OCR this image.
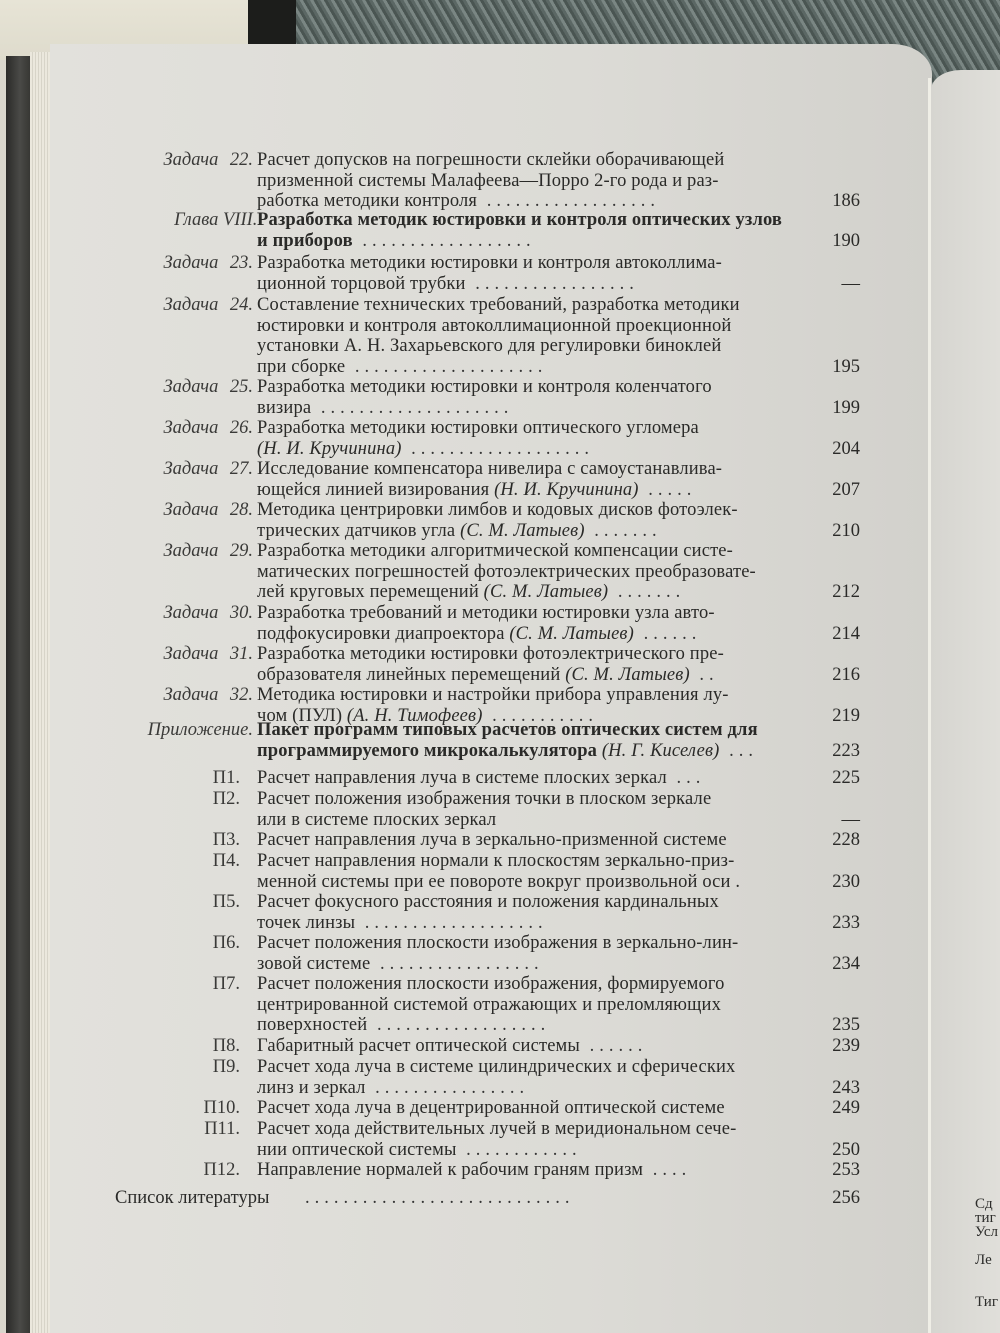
Сд
тиг
Усл
Ле
Тиг
Задача 22. Расчет допусков на погрешности склейки оборачивающей
призменной системы Малафеева—Порро 2-го рода и раз-
работка методики контроля ..................	186
Глава VIII. Разработка методик юстировки и контроля оптических узлов
и приборов ..................	190
Задача 23. Разработка методики юстировки и контроля автоколлима-
ционной торцовой трубки .................	—
Задача 24. Составление технических требований, разработка методики
юстировки и контроля автоколлимационной проекционной
установки А. Н. Захарьевского для регулировки биноклей
при сборке ....................	195
Задача 25. Разработка методики юстировки и контроля коленчатого
визира ....................	199
Задача 26. Разработка методики юстировки оптического угломера
(Н. И. Кручинина) ...................	204
Задача 27. Исследование компенсатора нивелира с самоустанавлива-
ющейся линией визирования (Н. И. Кручинина) .....	207
Задача 28. Методика центрировки лимбов и кодовых дисков фотоэлек-
трических датчиков угла (С. М. Латыев) .......	210
Задача 29. Разработка методики алгоритмической компенсации систе-
матических погрешностей фотоэлектрических преобразовате-
лей круговых перемещений (С. М. Латыев) .......	212
Задача 30. Разработка требований и методики юстировки узла авто-
подфокусировки диапроектора (С. М. Латыев) ......	214
Задача 31. Разработка методики юстировки фотоэлектрического пре-
образователя линейных перемещений (С. М. Латыев) ..	216
Задача 32. Методика юстировки и настройки прибора управления лу-
чом (ПУЛ) (А. Н. Тимофеев) ...........	219
Приложение. Пакет программ типовых расчетов оптических систем для
программируемого микрокалькулятора (Н. Г. Киселев) ...	223
П1. Расчет направления луча в системе плоских зеркал ...	225
П2. Расчет положения изображения точки в плоском зеркале
или в системе плоских зеркал	—
П3. Расчет направления луча в зеркально-призменной системе	228
П4. Расчет направления нормали к плоскостям зеркально-приз-
менной системы при ее повороте вокруг произвольной оси .	230
П5. Расчет фокусного расстояния и положения кардинальных
точек линзы ...................	233
П6. Расчет положения плоскости изображения в зеркально-лин-
зовой системе .................	234
П7. Расчет положения плоскости изображения, формируемого
центрированной системой отражающих и преломляющих
поверхностей ..................	235
П8. Габаритный расчет оптической системы ......	239
П9. Расчет хода луча в системе цилиндрических и сферических
линз и зеркал ................	243
П10. Расчет хода луча в децентрированной оптической системе	249
П11. Расчет хода действительных лучей в меридиональном сече-
нии оптической системы ............	250
П12. Направление нормалей к рабочим граням призм ....	253
Список литературы ............................	256
